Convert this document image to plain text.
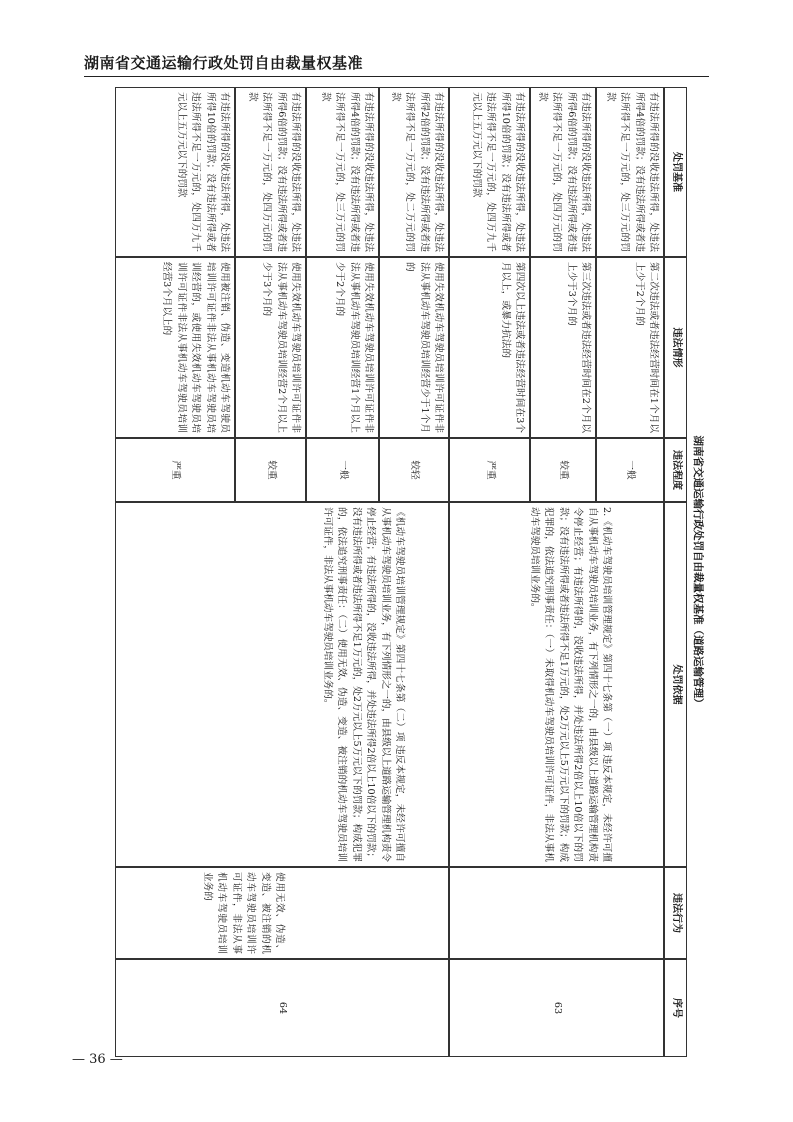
湖南省交通运输行政处罚自由裁量权基准
湖南省交通运输行政处罚自由裁量权基准（道路运输管理）
处罚基准
违法情形
违法程度
处罚依据
违法行为
序号
有违法所得的没收违法所得，处违法所得4倍的罚款；没有违法所得或者违法所得不足一万元的，处三万元的罚款
第二次违法或者违法经营时间在1个月以上少于2个月的
一般
有违法所得的没收违法所得，处违法所得6倍的罚款；没有违法所得或者违法所得不足一万元的，处四万元的罚款
第三次违法或者违法经营时间在2个月以上少于3个月的
较重
有违法所得的没收违法所得，处违法所得10倍的罚款；没有违法所得或者违法所得不足一万元的，处四万九千元以上五万元以下的罚款
第四次以上违法或者违法经营时间在3个月以上，或暴力抗法的
严重
2.《机动车驾驶员培训管理规定》第四十七条第（一）项 违反本规定，未经许可擅自从事机动车驾驶员培训业务，有下列情形之一的，由县级以上道路运输管理机构责令停止经营；有违法所得的，没收违法所得，并处违法所得2倍以上10倍以下的罚款；没有违法所得或者违法所得不足1万元的，处2万元以上5万元以下的罚款；构成犯罪的，依法追究刑事责任：（一）未取得机动车驾驶员培训许可证件，非法从事机动车驾驶员培训业务的。
63
有违法所得的没收违法所得，处违法所得2倍的罚款；没有违法所得或者违法所得不足一万元的，处二万元的罚款
使用失效机动车驾驶员培训许可证件非法从事机动车驾驶员培训经营少于1个月的
较轻
有违法所得的没收违法所得，处违法所得4倍的罚款；没有违法所得或者违法所得不足一万元的，处三万元的罚款
使用失效机动车驾驶员培训许可证件非法从事机动车驾驶员培训经营1个月以上少于2个月的
一般
有违法所得的没收违法所得，处违法所得6倍的罚款；没有违法所得或者违法所得不足一万元的，处四万元的罚款
使用失效机动车驾驶员培训许可证件非法从事机动车驾驶员培训经营2个月以上少于3个月的
较重
有违法所得的没收违法所得，处违法所得10倍的罚款；没有违法所得或者违法所得不足一万元的，处四万九千元以上五万元以下的罚款
使用被注销、伪造、变造机动车驾驶员培训许可证件非法从事机动车驾驶员培训经营的，或使用失效机动车驾驶员培训许可证件非法从事机动车驾驶员培训经营3个月以上的
严重
《机动车驾驶员培训管理规定》第四十七条第（二）项 违反本规定，未经许可擅自从事机动车驾驶员培训业务，有下列情形之一的，由县级以上道路运输管理机构责令停止经营；有违法所得的，没收违法所得，并处违法所得2倍以上10倍以下的罚款；没有违法所得或者违法所得不足1万元的，处2万元以上5万元以下的罚款；构成犯罪的，依法追究刑事责任：（二）使用无效、伪造、变造、被注销的机动车驾驶员培训许可证件，非法从事机动车驾驶员培训业务的。
使用无效、伪造、变造、被注销的机动车驾驶员培训许可证件，非法从事机动车驾驶员培训业务的
64
— 36 —
